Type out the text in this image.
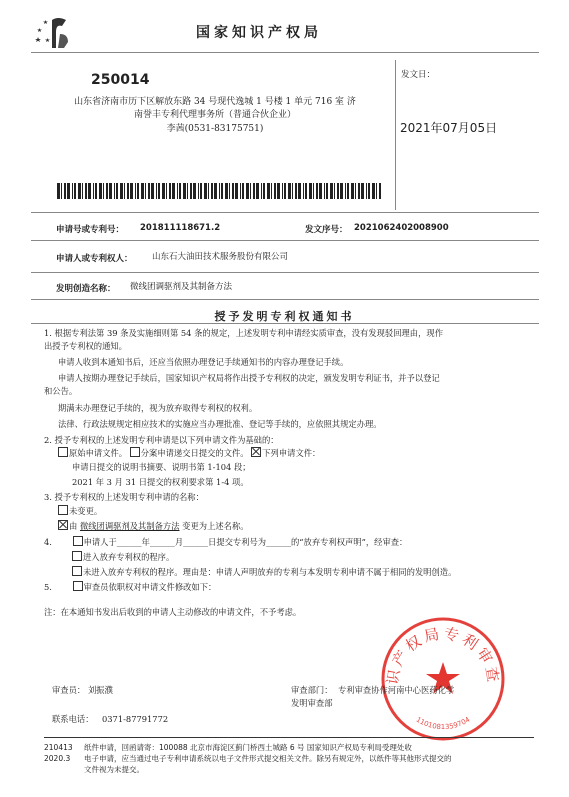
国家知识产权局
250014
山东省济南市历下区解放东路 34 号现代逸城 1 号楼 1 单元 716 室 济
南誉丰专利代理事务所（普通合伙企业）
李茜(0531-83175751)
发文日：
2021年07月05日
申请号或专利号： 201811118671.2	发文序号： 2021062402008900
申请人或专利权人： 山东石大油田技术服务股份有限公司
发明创造名称： 微线团调驱剂及其制备方法
授予发明专利权通知书
1. 根据专利法第 39 条及实施细则第 54 条的规定，上述发明专利申请经实质审查，没有发现驳回理由，现作
出授予专利权的通知。
申请人收到本通知书后，还应当依照办理登记手续通知书的内容办理登记手续。
申请人按期办理登记手续后，国家知识产权局将作出授予专利权的决定，颁发发明专利证书，并予以登记
和公告。
期满未办理登记手续的，视为放弃取得专利权的权利。
法律、行政法规规定相应技术的实施应当办理批准、登记等手续的，应依照其规定办理。
2. 授予专利权的上述发明专利申请是以下列申请文件为基础的：
原始申请文件。 分案申请递交日提交的文件。 下列申请文件：
申请日提交的说明书摘要、说明书第 1-104 段；
2021 年 3 月 31 日提交的权利要求第 1-4 项。
3. 授予专利权的上述发明专利申请的名称：
未变更。
由 微线团调驱剂及其制备方法 变更为上述名称。
4.	申请人于______年______月______日提交专利号为______的“放弃专利权声明”，经审查：
进入放弃专利权的程序。
未进入放弃专利权的程序。理由是：申请人声明放弃的专利与本发明专利申请不属于相同的发明创造。
5.	审查员依职权对申请文件修改如下：
注：在本通知书发出后收到的申请人主动修改的申请文件，不予考虑。
识产权局专利审查
1101081359704
审查员： 刘振濮	审查部门： 专利审查协作河南中心医药化学
发明审查部
联系电话： 0371-87791772
210413
2020.3
纸件申请，回函请寄：100088 北京市海淀区蓟门桥西土城路 6 号 国家知识产权局专利局受理处收
电子申请，应当通过电子专利申请系统以电子文件形式提交相关文件。除另有规定外，以纸件等其他形式提交的
文件视为未提交。
